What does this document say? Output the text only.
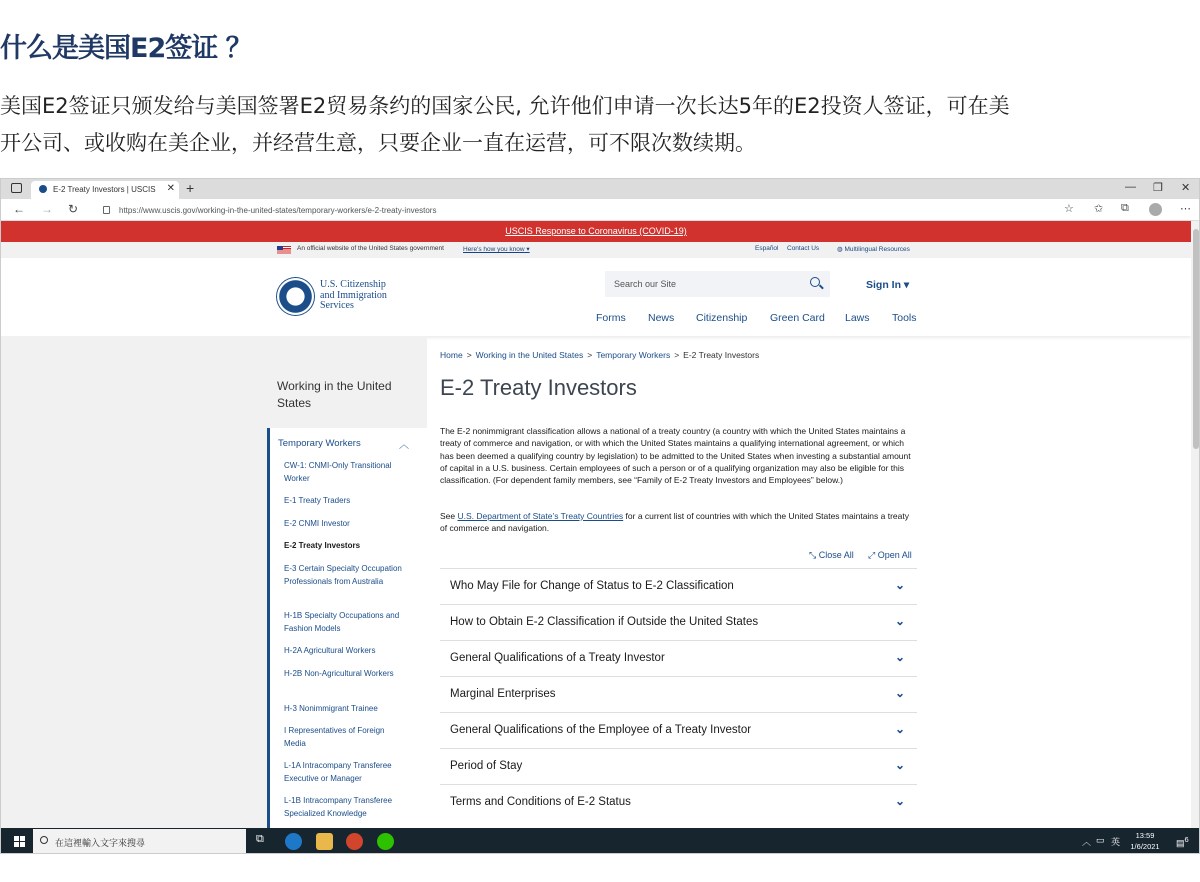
什么是美国E2签证 ？
美国E2签证只颁发给与美国签署E2贸易条约的国家公民, 允许他们申请一次长达5年的E2投资人签证，可在美
开公司、或收购在美企业，并经营生意，只要企业一直在运营，可不限次数续期。
E-2 Treaty Investors | USCIS ✕ +	— ❐ ✕
← → ↻	https://www.uscis.gov/working-in-the-united-states/temporary-workers/e-2-treaty-investors	☆ ✩ ⧉	⋯
USCIS Response to Coronavirus (COVID-19)
An official website of the United States government	Here's how you know ▾	Español Contact Us	◍ Multilingual Resources
U.S. Citizenship
and Immigration
Services
Search our Site	Sign In ▾
Forms News Citizenship Green Card Laws Tools
Working in the United States
Temporary Workers	︿
CW-1: CNMI-Only Transitional Worker
E-1 Treaty Traders
E-2 CNMI Investor
E-2 Treaty Investors
E-3 Certain Specialty Occupation Professionals from Australia
H-1B Specialty Occupations and Fashion Models
H-2A Agricultural Workers
H-2B Non-Agricultural Workers
H-3 Nonimmigrant Trainee
I Representatives of Foreign Media
L-1A Intracompany Transferee Executive or Manager
L-1B Intracompany Transferee Specialized Knowledge
Home > Working in the United States > Temporary Workers > E-2 Treaty Investors
E-2 Treaty Investors
The E-2 nonimmigrant classification allows a national of a treaty country (a country with which the United States maintains a treaty of commerce and navigation, or with which the United States maintains a qualifying international agreement, or which has been deemed a qualifying country by legislation) to be admitted to the United States when investing a substantial amount of capital in a U.S. business. Certain employees of such a person or of a qualifying organization may also be eligible for this classification. (For dependent family members, see “Family of E-2 Treaty Investors and Employees” below.)
See U.S. Department of State’s Treaty Countries for a current list of countries with which the United States maintains a treaty of commerce and navigation.
⤡ Close All ⤢ Open All
Who May File for Change of Status to E-2 Classification	⌄
How to Obtain E-2 Classification if Outside the United States	⌄
General Qualifications of a Treaty Investor	⌄
Marginal Enterprises	⌄
General Qualifications of the Employee of a Treaty Investor	⌄
Period of Stay	⌄
Terms and Conditions of E-2 Status	⌄
在這裡輸入文字來搜尋	⧉	︿ ▭ 英
13:59
1/6/2021	▤$^6$
